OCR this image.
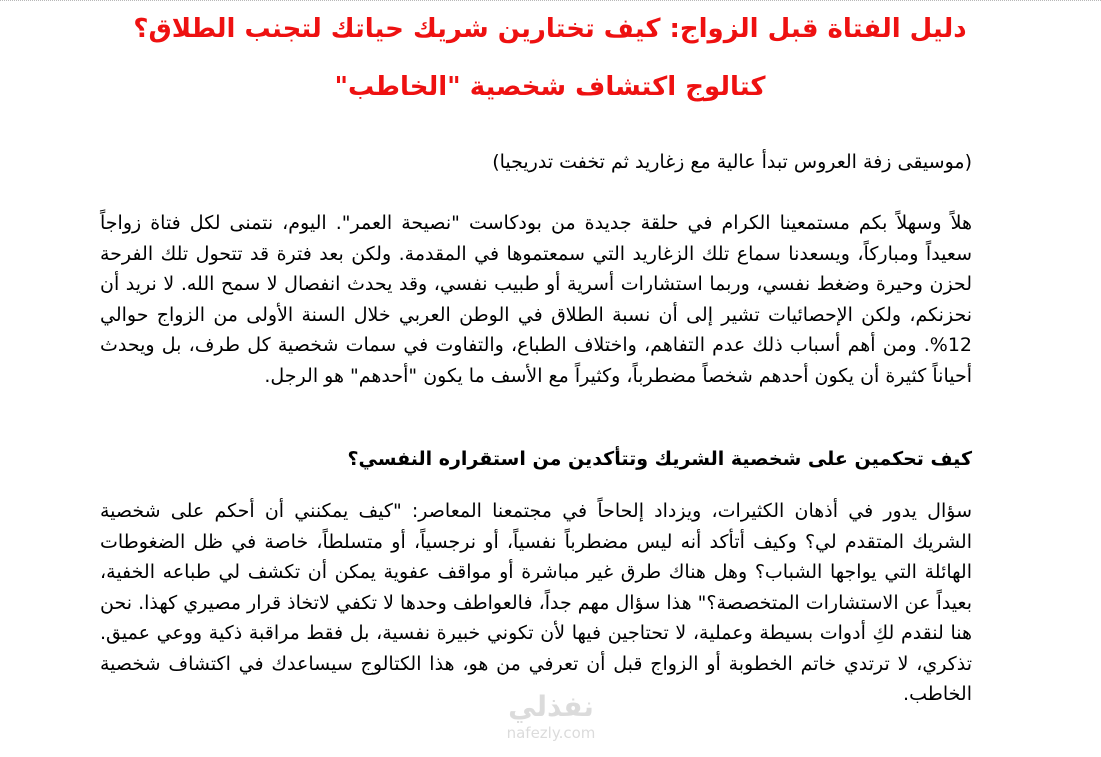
دليل الفتاة قبل الزواج: كيف تختارين شريك حياتك لتجنب الطلاق؟
كتالوج اكتشاف شخصية "الخاطب"
(موسيقى زفة العروس تبدأ عالية مع زغاريد ثم تخفت تدريجيا)
هلاً وسهلاً بكم مستمعينا الكرام في حلقة جديدة من بودكاست "نصيحة العمر". اليوم، نتمنى لكل فتاة زواجاً سعيداً ومباركاً، ويسعدنا سماع تلك الزغاريد التي سمعتموها في المقدمة. ولكن بعد فترة قد تتحول تلك الفرحة لحزن وحيرة وضغط نفسي، وربما استشارات أسرية أو طبيب نفسي، وقد يحدث انفصال لا سمح الله. لا نريد أن نحزنكم، ولكن الإحصائيات تشير إلى أن نسبة الطلاق في الوطن العربي خلال السنة الأولى من الزواج حوالي 12%. ومن أهم أسباب ذلك عدم التفاهم، واختلاف الطباع، والتفاوت في سمات شخصية كل طرف، بل ويحدث أحياناً كثيرة أن يكون أحدهم شخصاً مضطرباً، وكثيراً مع الأسف ما يكون "أحدهم" هو الرجل.
كيف تحكمين على شخصية الشريك وتتأكدين من استقراره النفسي؟
سؤال يدور في أذهان الكثيرات، ويزداد إلحاحاً في مجتمعنا المعاصر: "كيف يمكنني أن أحكم على شخصية الشريك المتقدم لي؟ وكيف أتأكد أنه ليس مضطرباً نفسياً، أو نرجسياً، أو متسلطاً، خاصة في ظل الضغوطات الهائلة التي يواجها الشباب؟ وهل هناك طرق غير مباشرة أو مواقف عفوية يمكن أن تكشف لي طباعه الخفية، بعيداً عن الاستشارات المتخصصة؟" هذا سؤال مهم جداً، فالعواطف وحدها لا تكفي لاتخاذ قرار مصيري كهذا. نحن هنا لنقدم لكِ أدوات بسيطة وعملية، لا تحتاجين فيها لأن تكوني خبيرة نفسية، بل فقط مراقبة ذكية ووعي عميق. تذكري، لا ترتدي خاتم الخطوبة أو الزواج قبل أن تعرفي من هو، هذا الكتالوج سيساعدك في اكتشاف شخصية الخاطب.
نفذلي
nafezly.com
